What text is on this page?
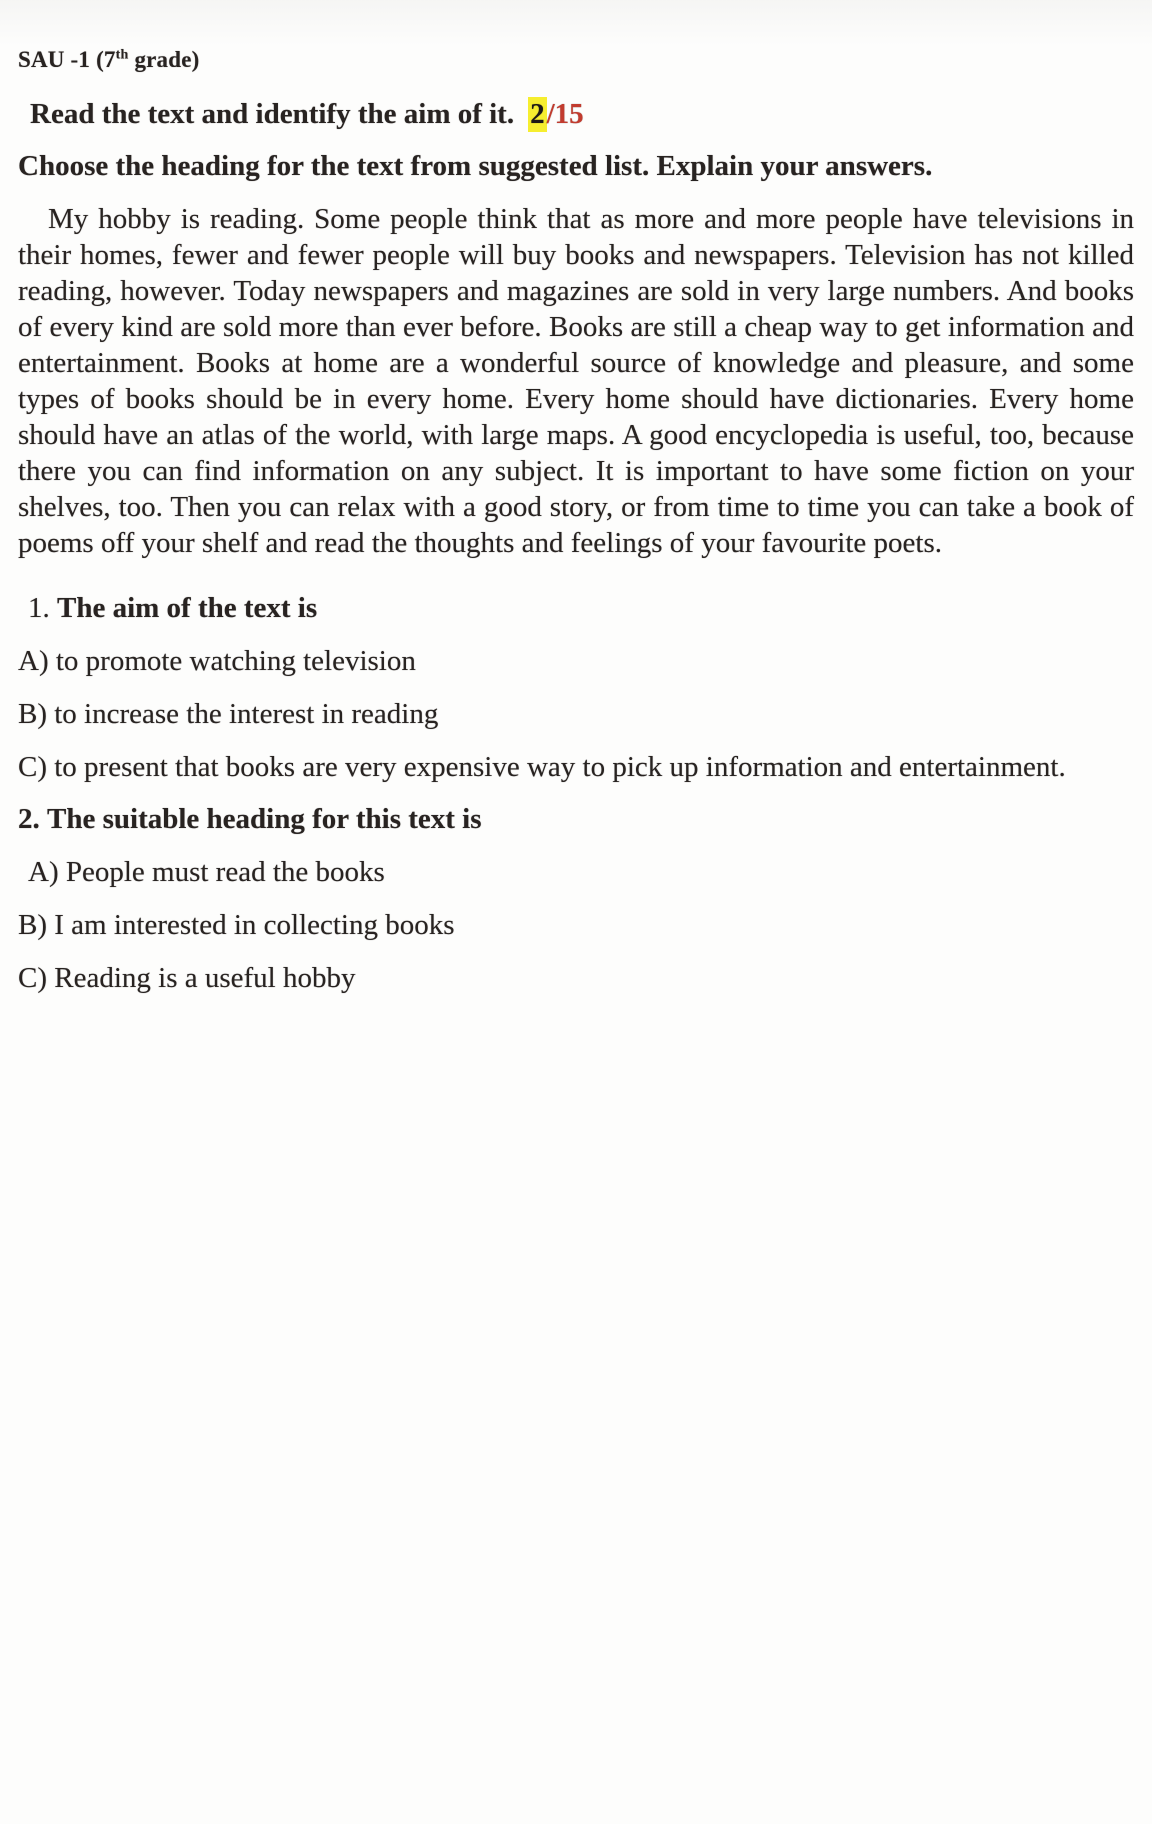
SAU -1 (7th grade)
Read the text and identify the aim of it. 2/15
Choose the heading for the text from suggested list. Explain your answers.

My hobby is reading. Some people think that as more and more people have televisions in their homes, fewer and fewer people will buy books and newspapers. Television has not killed reading, however. Today newspapers and magazines are sold in very large numbers. And books of every kind are sold more than ever before. Books are still a cheap way to get information and entertainment. Books at home are a wonderful source of knowledge and pleasure, and some types of books should be in every home. Every home should have dictionaries. Every home should have an atlas of the world, with large maps. A good encyclopedia is useful, too, because there you can find information on any subject. It is important to have some fiction on your shelves, too. Then you can relax with a good story, or from time to time you can take a book of poems off your shelf and read the thoughts and feelings of your favourite poets.

1. The aim of the text is
A) to promote watching television
B) to increase the interest in reading
C) to present that books are very expensive way to pick up information and entertainment.
2. The suitable heading for this text is
A) People must read the books
B) I am interested in collecting books
C) Reading is a useful hobby
